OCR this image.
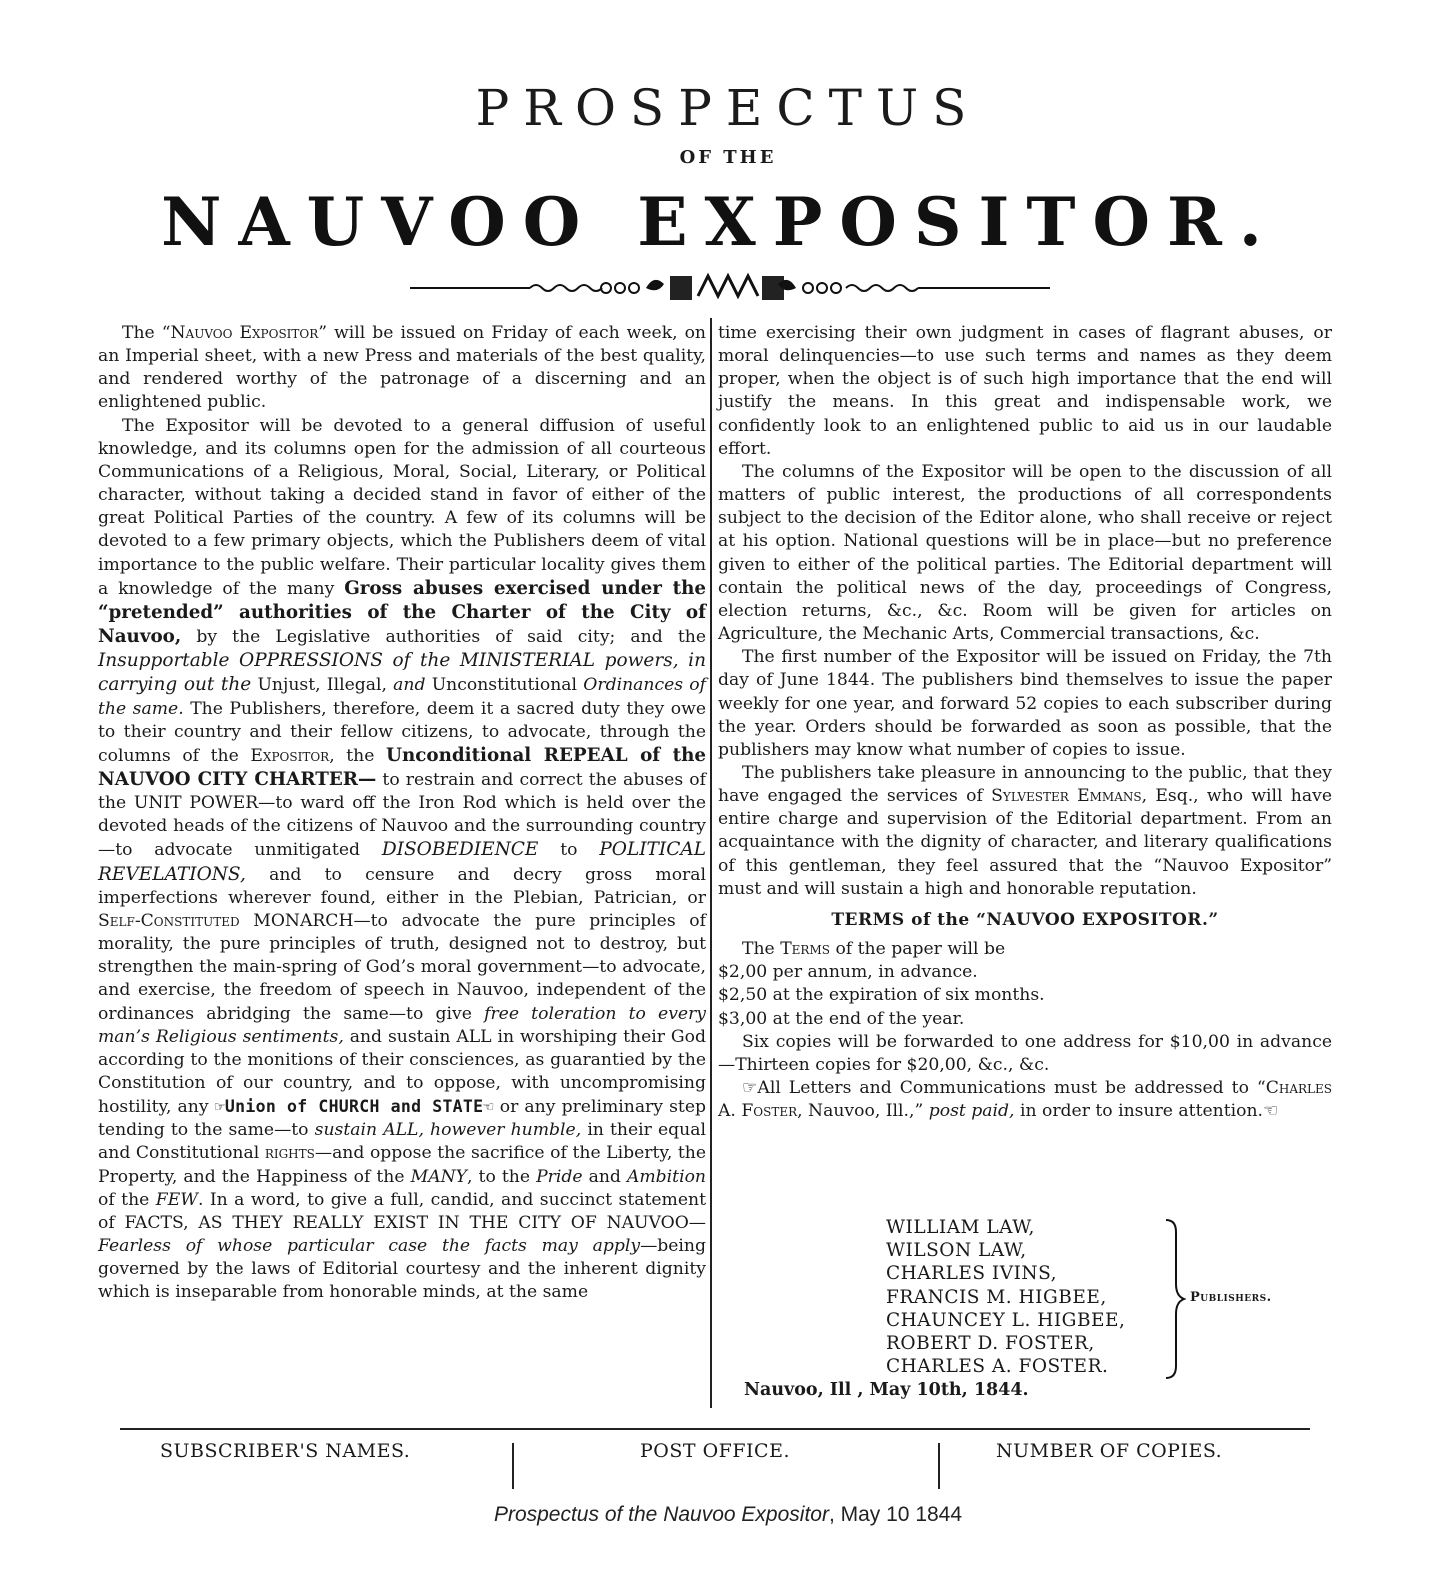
PROSPECTUS
OF THE
NAUVOO EXPOSITOR.

The “Nauvoo Expositor” will be issued on Friday of each week, on an Imperial sheet, with a new Press and materials of the best quality, and rendered worthy of the patronage of a discerning and an enlightened public.

The Expositor will be devoted to a general diffusion of useful knowledge, and its columns open for the admission of all courteous Communications of a Religious, Moral, Social, Literary, or Political character, without taking a decided stand in favor of either of the great Political Parties of the country. A few of its columns will be devoted to a few primary objects, which the Publishers deem of vital importance to the public welfare. Their particular locality gives them a knowledge of the many Gross abuses exercised under the “pretended” authorities of the Charter of the City of Nauvoo, by the Legislative authorities of said city; and the Insupportable OPPRESSIONS of the MINISTERIAL powers, in carrying out the Unjust, Illegal, and Unconstitutional Ordinances of the same. The Publishers, therefore, deem it a sacred duty they owe to their country and their fellow citizens, to advocate, through the columns of the Expositor, the Unconditional REPEAL of the NAUVOO CITY CHARTER— to restrain and correct the abuses of the UNIT POWER—to ward off the Iron Rod which is held over the devoted heads of the citizens of Nauvoo and the surrounding country—to advocate unmitigated DISOBEDIENCE to POLITICAL REVELATIONS, and to censure and decry gross moral imperfections wherever found, either in the Plebian, Patrician, or Self-Constituted MONARCH—to advocate the pure principles of morality, the pure principles of truth, designed not to destroy, but strengthen the main-spring of God’s moral government—to advocate, and exercise, the freedom of speech in Nauvoo, independent of the ordinances abridging the same—to give free toleration to every man’s Religious sentiments, and sustain ALL in worshiping their God according to the monitions of their consciences, as guarantied by the Constitution of our country, and to oppose, with uncompromising hostility, any ☞Union of CHURCH and STATE☜ or any preliminary step tending to the same—to sustain ALL, however humble, in their equal and Constitutional rights—and oppose the sacrifice of the Liberty, the Property, and the Happiness of the MANY, to the Pride and Ambition of the FEW. In a word, to give a full, candid, and succinct statement of FACTS, AS THEY REALLY EXIST IN THE CITY OF NAUVOO— Fearless of whose particular case the facts may apply—being governed by the laws of Editorial courtesy and the inherent dignity which is inseparable from honorable minds, at the same

time exercising their own judgment in cases of flagrant abuses, or moral delinquencies—to use such terms and names as they deem proper, when the object is of such high importance that the end will justify the means. In this great and indispensable work, we confidently look to an enlightened public to aid us in our laudable effort.

The columns of the Expositor will be open to the discussion of all matters of public interest, the productions of all correspondents subject to the decision of the Editor alone, who shall receive or reject at his option. National questions will be in place—but no preference given to either of the political parties. The Editorial department will contain the political news of the day, proceedings of Congress, election returns, &c., &c. Room will be given for articles on Agriculture, the Mechanic Arts, Commercial transactions, &c.

The first number of the Expositor will be issued on Friday, the 7th day of June 1844. The publishers bind themselves to issue the paper weekly for one year, and forward 52 copies to each subscriber during the year. Orders should be forwarded as soon as possible, that the publishers may know what number of copies to issue.

The publishers take pleasure in announcing to the public, that they have engaged the services of Sylvester Emmans, Esq., who will have entire charge and supervision of the Editorial department. From an acquaintance with the dignity of character, and literary qualifications of this gentleman, they feel assured that the “Nauvoo Expositor” must and will sustain a high and honorable reputation.

TERMS of the “NAUVOO EXPOSITOR.”

The Terms of the paper will be

$2,00 per annum, in advance.

$2,50 at the expiration of six months.

$3,00 at the end of the year.

Six copies will be forwarded to one address for $10,00 in advance—Thirteen copies for $20,00, &c., &c.

☞All Letters and Communications must be addressed to “Charles A. Foster, Nauvoo, Ill.,” post paid, in order to insure attention.☜

WILLIAM LAW,
WILSON LAW,
CHARLES IVINS,
FRANCIS M. HIGBEE,
CHAUNCEY L. HIGBEE,
ROBERT D. FOSTER,
CHARLES A. FOSTER.
Publishers.
Nauvoo, Ill , May 10th, 1844.
SUBSCRIBER'S NAMES.	POST OFFICE.	NUMBER OF COPIES.
Prospectus of the Nauvoo Expositor, May 10 1844
